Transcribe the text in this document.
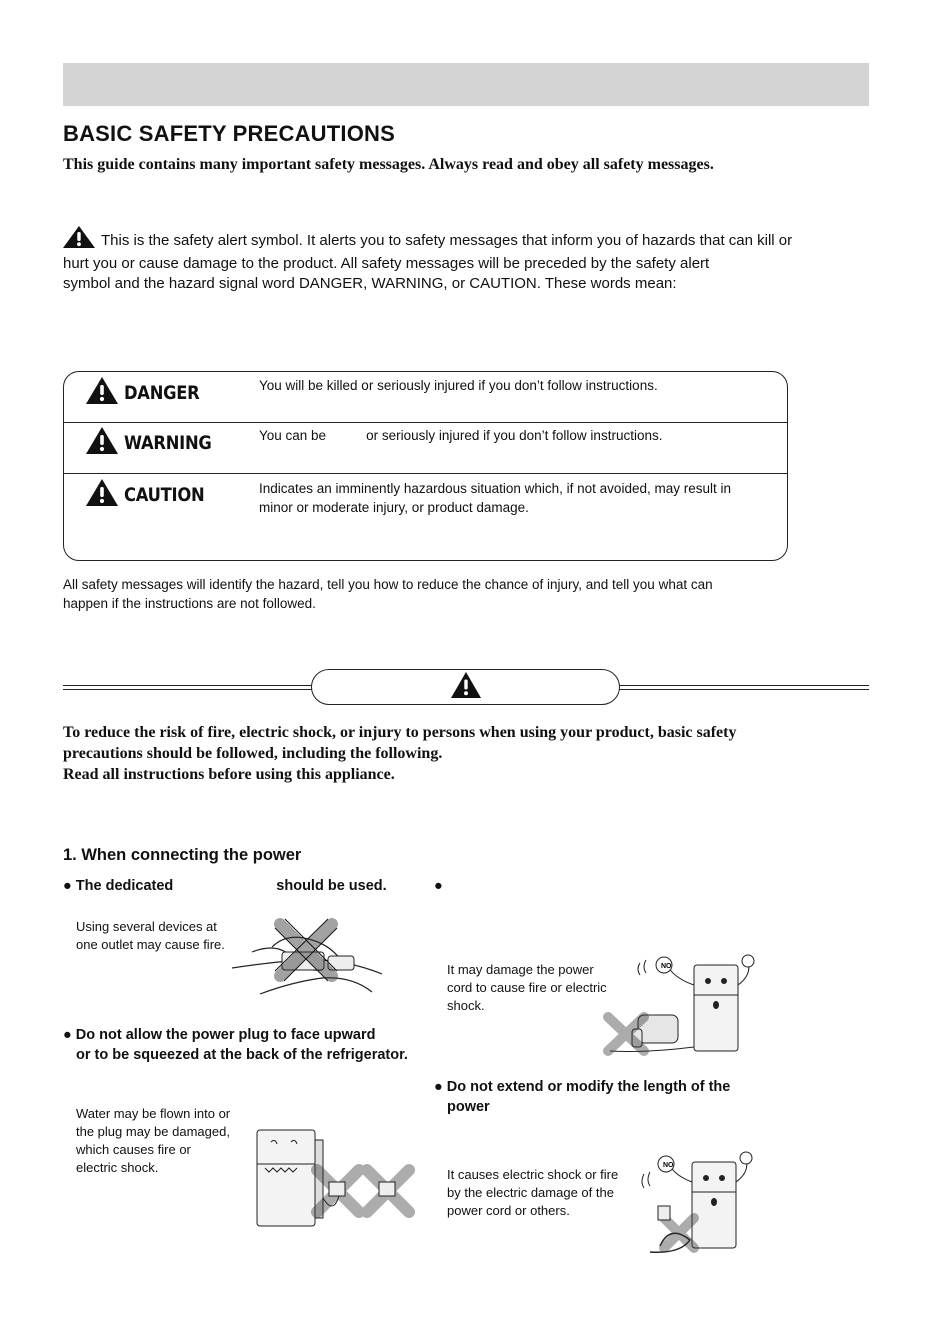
BASIC SAFETY PRECAUTIONS
This guide contains many important safety messages. Always read and obey all safety messages.
This is the safety alert symbol. It alerts you to safety messages that inform you of hazards that can kill or
hurt you or cause damage to the product. All safety messages will be preceded by the safety alert
symbol and the hazard signal word DANGER, WARNING, or CAUTION. These words mean:
DANGER	You will be killed or seriously injured if you don’t follow instructions.
WARNING	You can be	or seriously injured if you don’t follow instructions.
CAUTION	Indicates an imminently hazardous situation which, if not avoided, may result in
minor or moderate injury, or product damage.
All safety messages will identify the hazard, tell you how to reduce the chance of injury, and tell you what can
happen if the instructions are not followed.
To reduce the risk of fire, electric shock, or injury to persons when using your product, basic safety
precautions should be followed, including the following.
Read all instructions before using this appliance.
1. When connecting the power
● The dedicated	should be used.	●
Using several devices at
one outlet may cause fire.
It may damage the power
cord to cause fire or electric
shock.
NO
● Do not allow the power plug to face upward
or to be squeezed at the back of the refrigerator.
● Do not extend or modify the length of the
power
Water may be flown into or
the plug may be damaged,
which causes fire or
electric shock.	It causes electric shock or fire
by the electric damage of the
power cord or others.
NO
